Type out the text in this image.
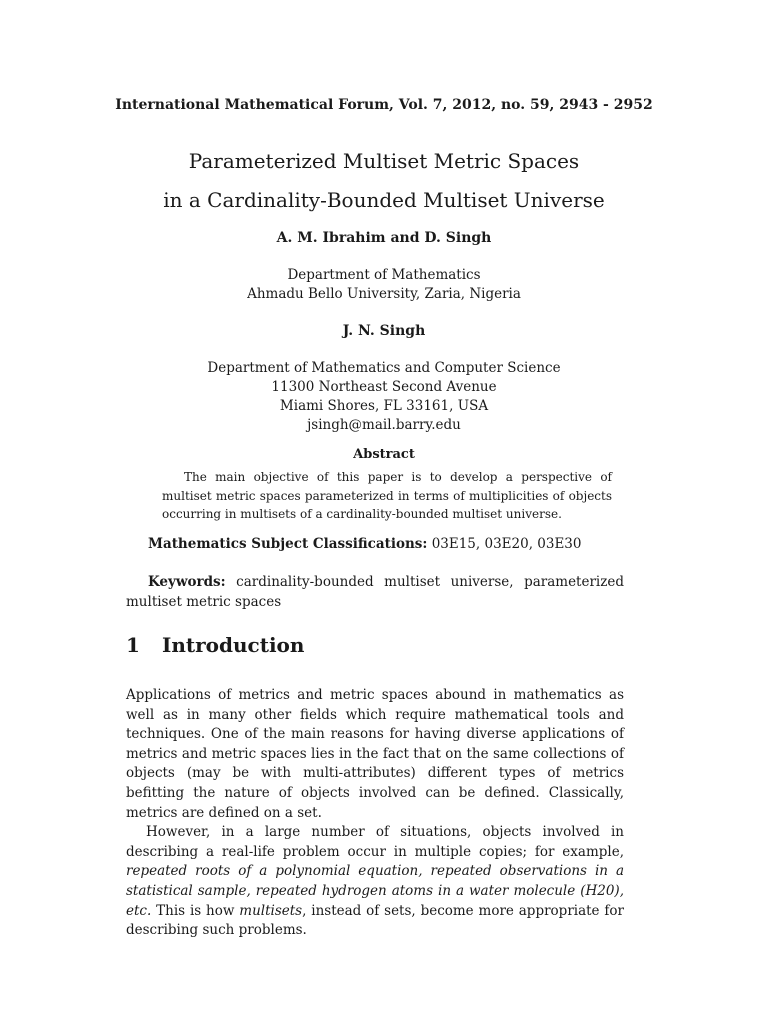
International Mathematical Forum, Vol. 7, 2012, no. 59, 2943 - 2952
Parameterized Multiset Metric Spaces
in a Cardinality-Bounded Multiset Universe
A. M. Ibrahim and D. Singh
Department of Mathematics
Ahmadu Bello University, Zaria, Nigeria
J. N. Singh
Department of Mathematics and Computer Science
11300 Northeast Second Avenue
Miami Shores, FL 33161, USA
jsingh@mail.barry.edu
Abstract

The main objective of this paper is to develop a perspective of multiset metric spaces parameterized in terms of multiplicities of objects occurring in multisets of a cardinality-bounded multiset universe.

Mathematics Subject Classifications: 03E15, 03E20, 03E30
Keywords: cardinality-bounded multiset universe, parameterized multiset metric spaces
1 Introduction

Applications of metrics and metric spaces abound in mathematics as well as in many other fields which require mathematical tools and techniques. One of the main reasons for having diverse applications of metrics and metric spaces lies in the fact that on the same collections of objects (may be with multi-attributes) different types of metrics befitting the nature of objects involved can be defined. Classically, metrics are defined on a set.

However, in a large number of situations, objects involved in describing a real-life problem occur in multiple copies; for example, repeated roots of a polynomial equation, repeated observations in a statistical sample, repeated hydrogen atoms in a water molecule (H20), etc. This is how multisets, instead of sets, become more appropriate for describing such problems.
